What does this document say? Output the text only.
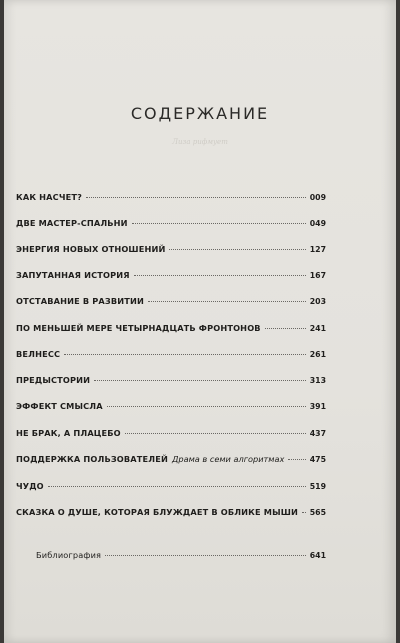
СОДЕРЖАНИЕ
Лиза рифмует
КАК НАСЧЕТ?	009
ДВЕ МАСТЕР-СПАЛЬНИ	049
ЭНЕРГИЯ НОВЫХ ОТНОШЕНИЙ	127
ЗАПУТАННАЯ ИСТОРИЯ	167
ОТСТАВАНИЕ В РАЗВИТИИ	203
ПО МЕНЬШЕЙ МЕРЕ ЧЕТЫРНАДЦАТЬ ФРОНТОНОВ	241
ВЕЛНЕСС	261
ПРЕДЫСТОРИИ	313
ЭФФЕКТ СМЫСЛА	391
НЕ БРАК, А ПЛАЦЕБО	437
ПОДДЕРЖКА ПОЛЬЗОВАТЕЛЕЙ Драма в семи алгоритмах	475
ЧУДО	519
СКАЗКА О ДУШЕ, КОТОРАЯ БЛУЖДАЕТ В ОБЛИКЕ МЫШИ 565
Библиография	641
